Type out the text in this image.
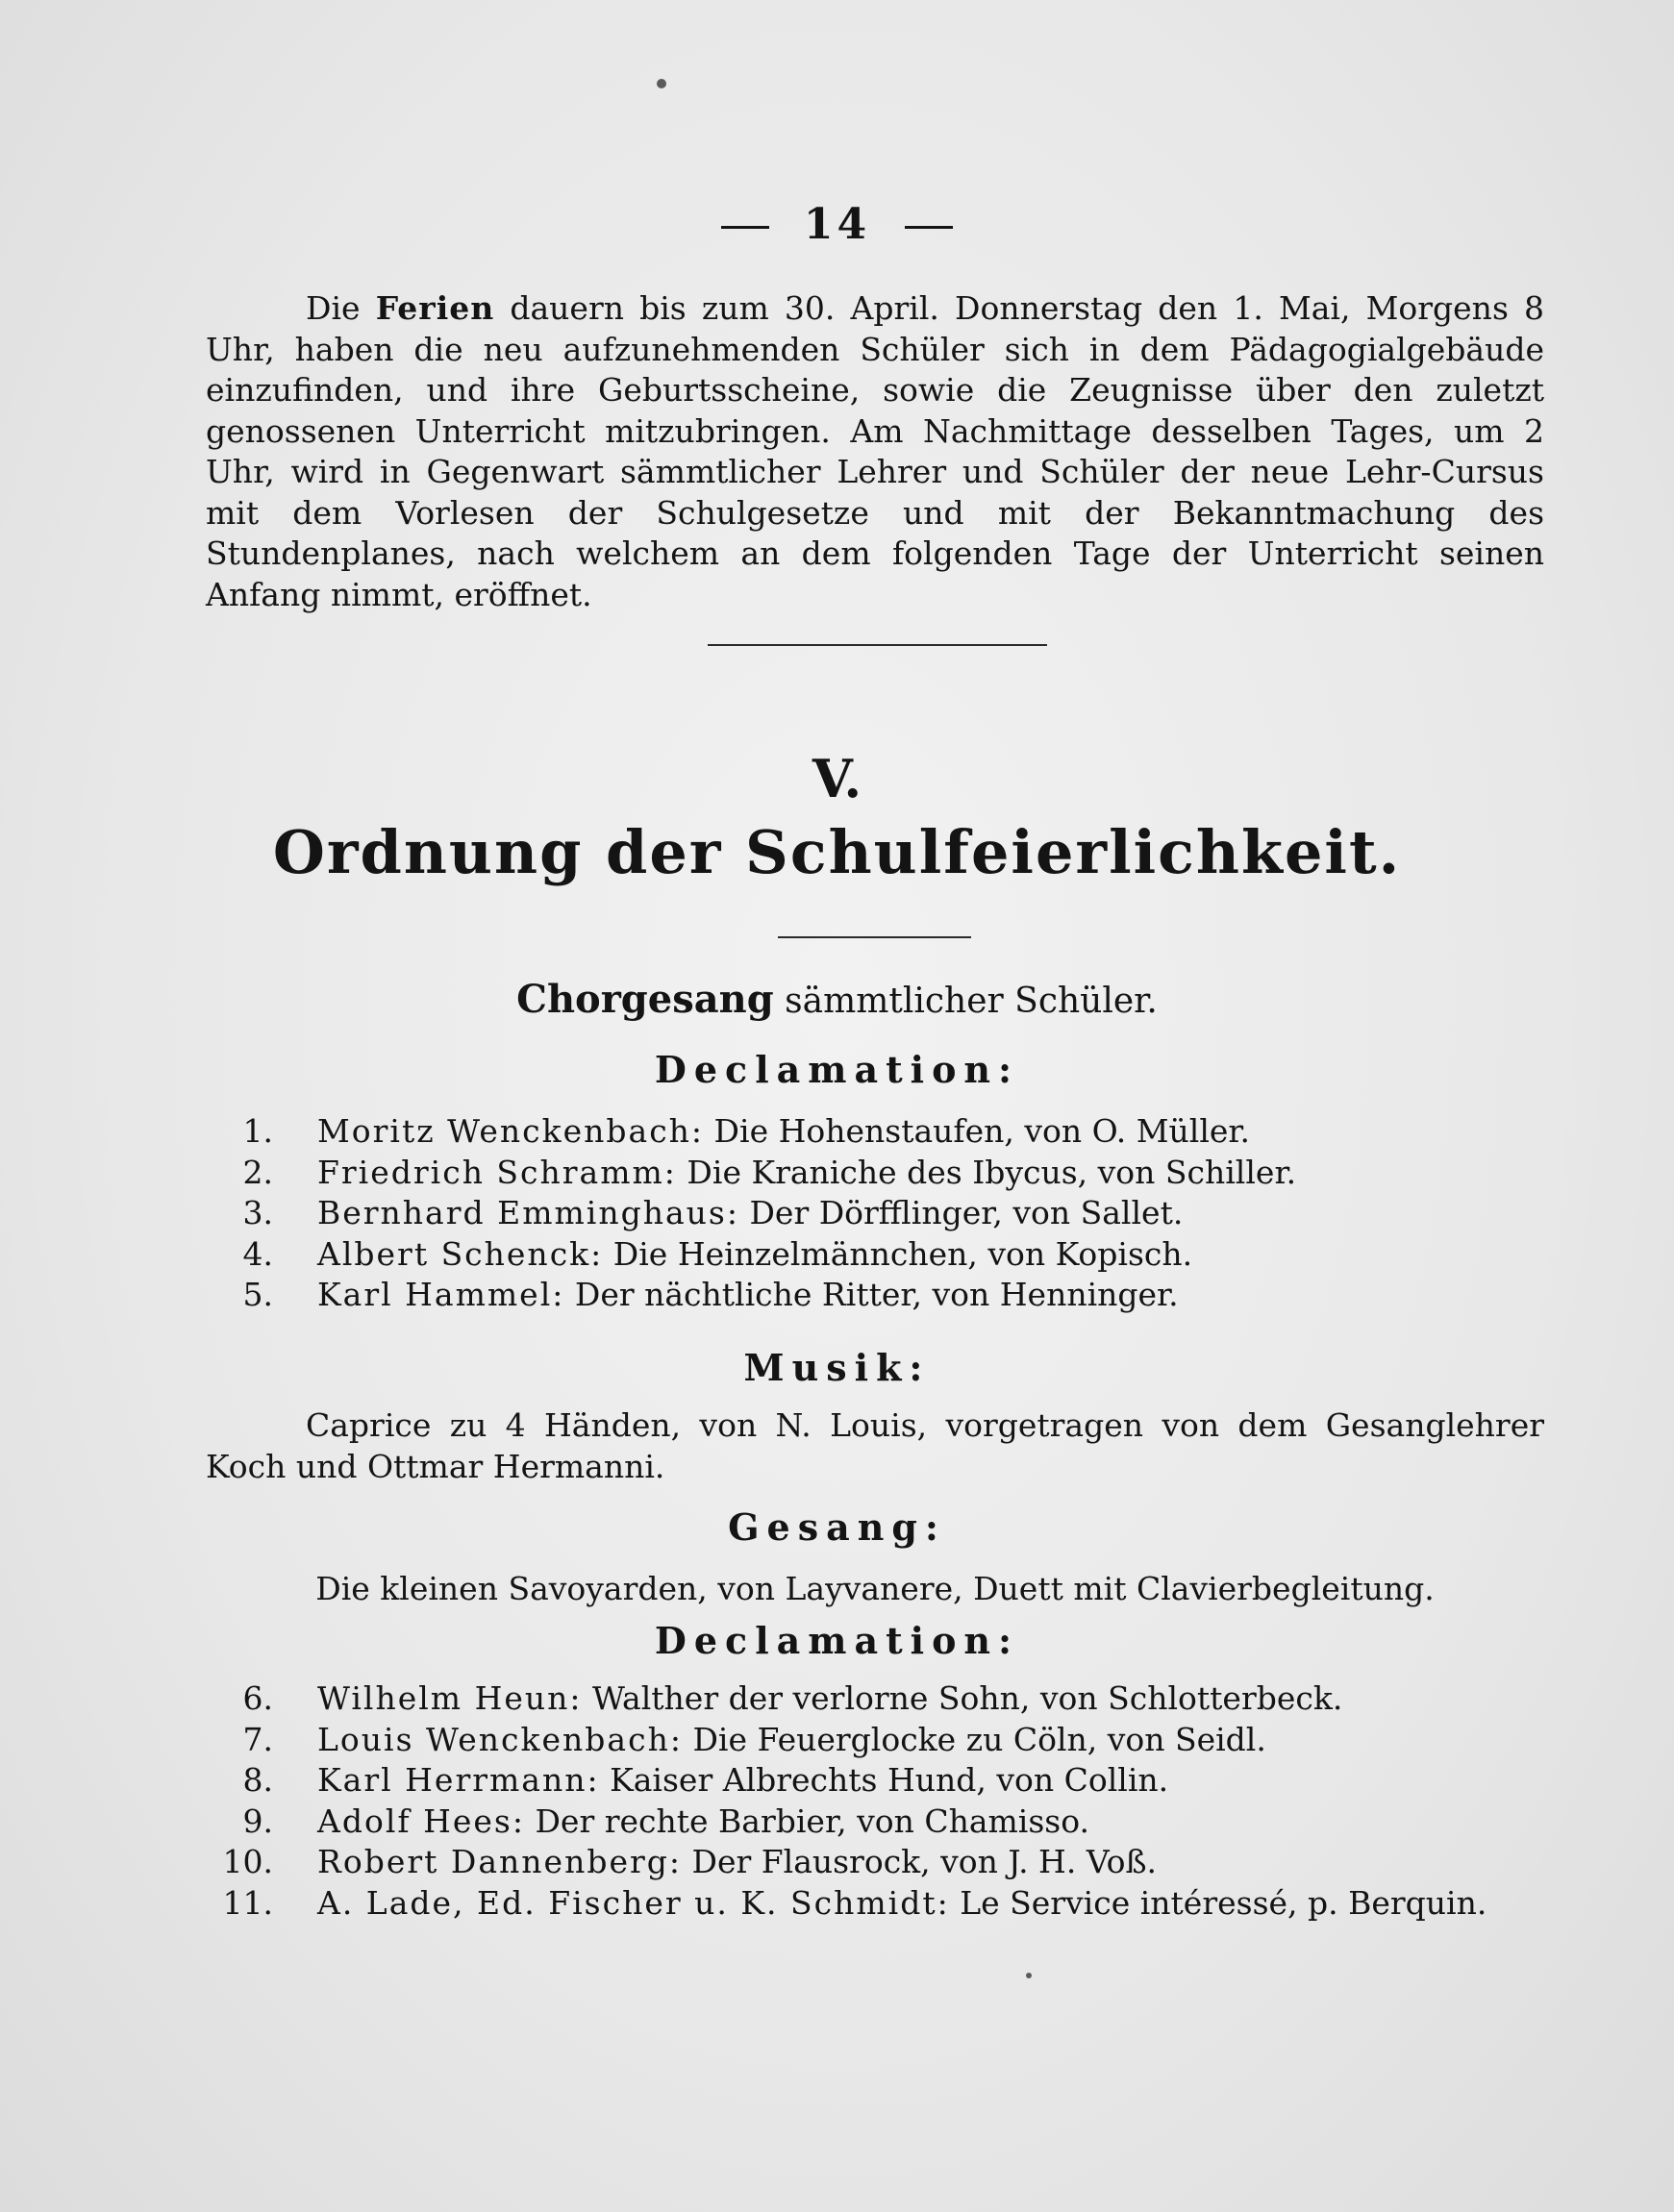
14

Die Ferien dauern bis zum 30. April. Donnerstag den 1. Mai, Morgens 8 Uhr, haben die neu aufzunehmenden Schüler sich in dem Pädagogialgebäude einzufinden, und ihre Geburtsscheine, sowie die Zeugnisse über den zuletzt genossenen Unterricht mitzubringen. Am Nachmittage desselben Tages, um 2 Uhr, wird in Gegenwart sämmtlicher Lehrer und Schüler der neue Lehr-Cursus mit dem Vorlesen der Schulgesetze und mit der Bekanntmachung des Stundenplanes, nach welchem an dem folgenden Tage der Unterricht seinen Anfang nimmt, eröffnet.

V.
Ordnung der Schulfeierlichkeit.

Chorgesang sämmtlicher Schüler.

Declamation:

1. Moritz Wenckenbach: Die Hohenstaufen, von O. Müller.
2. Friedrich Schramm: Die Kraniche des Ibycus, von Schiller.
3. Bernhard Emminghaus: Der Dörfflinger, von Sallet.
4. Albert Schenck: Die Heinzelmännchen, von Kopisch.
5. Karl Hammel: Der nächtliche Ritter, von Henninger.

Musik:

Caprice zu 4 Händen, von N. Louis, vorgetragen von dem Gesanglehrer Koch und Ottmar Hermanni.

Gesang:

Die kleinen Savoyarden, von Layvanere, Duett mit Clavierbegleitung.

Declamation:

6. Wilhelm Heun: Walther der verlorne Sohn, von Schlotterbeck.
7. Louis Wenckenbach: Die Feuerglocke zu Cöln, von Seidl.
8. Karl Herrmann: Kaiser Albrechts Hund, von Collin.
9. Adolf Hees: Der rechte Barbier, von Chamisso.
10. Robert Dannenberg: Der Flausrock, von J. H. Voß.
11. A. Lade, Ed. Fischer u. K. Schmidt: Le Service intéressé, p. Berquin.
